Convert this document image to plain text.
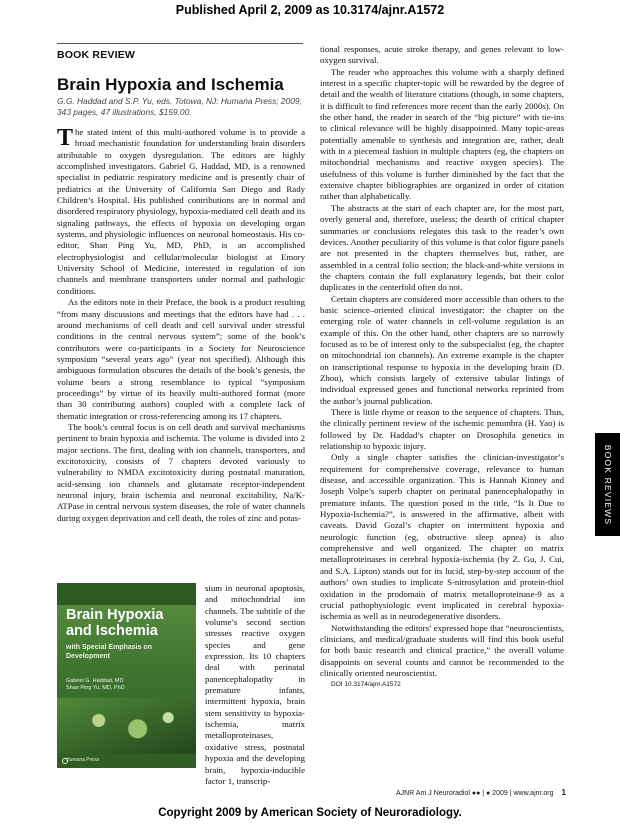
Published April 2, 2009 as 10.3174/ajnr.A1572
BOOK REVIEW
Brain Hypoxia and Ischemia
G.G. Haddad and S.P. Yu, eds. Totowa, NJ: Humana Press; 2009, 343 pages, 47 illustrations, $159.00.

The stated intent of this multi-authored volume is to provide a broad mechanistic foundation for understanding brain disorders attributable to oxygen dysregulation. The editors are highly accomplished investigators. Gabriel G. Haddad, MD, is a renowned specialist in pediatric respiratory medicine and is presently chair of pediatrics at the University of California San Diego and Rady Children’s Hospital. His published contributions are in normal and disordered respiratory physiology, hypoxia-mediated cell death and its signaling pathways, the effects of hypoxia on developing organ systems, and physiologic influences on neuronal homeostasis. His co-editor, Shan Ping Yu, MD, PhD, is an accomplished electrophysiologist and cellular/molecular biologist at Emory University School of Medicine, interested in regulation of ion channels and membrane transporters under normal and pathologic conditions.

As the editors note in their Preface, the book is a product resulting “from many discussions and meetings that the editors have had . . . around mechanisms of cell death and cell survival under stressful conditions in the central nervous system”; some of the book’s contributors were co-participants in a Society for Neuroscience symposium “several years ago” (year not specified). Although this ambiguous formulation obscures the details of the book’s genesis, the volume bears a strong resemblance to typical “symposium proceedings” by virtue of its heavily multi-authored format (more than 30 contributing authors) coupled with a complete lack of thematic integration or cross-referencing among its 17 chapters.

The book’s central focus is on cell death and survival mechanisms pertinent to brain hypoxia and ischemia. The volume is divided into 2 major sections. The first, dealing with ion channels, transporters, and excitotoxicity, consists of 7 chapters devoted variously to vulnerability to NMDA excitotoxicity during postnatal maturation, acid-sensing ion channels and glutamate receptor-independent neuronal injury, brain ischemia and neuronal excitability, Na/K-ATPase in central nervous system diseases, the role of water channels during oxygen deprivation and cell death, the roles of zinc and potas-

Brain Hypoxia
and Ischemia
with Special Emphasis on Development
Gabriel G. Haddad, MD
Shan Ping Yu, MD, PhD
Humana Press

sium in neuronal apoptosis, and mitochondrial ion channels. The subtitle of the volume’s second section stresses reactive oxygen species and gene expression. Its 10 chapters deal with perinatal panencephalopathy in premature infants, intermittent hypoxia, brain stem sensitivity to hypoxia-ischemia, matrix metalloproteinases, oxidative stress, postnatal hypoxia and the developing brain, hypoxia-inducible factor 1, transcrip-

tional responses, acute stroke therapy, and genes relevant to low-oxygen survival.

The reader who approaches this volume with a sharply defined interest in a specific chapter-topic will be rewarded by the degree of detail and the wealth of literature citations (though, in some chapters, it is difficult to find references more recent than the early 2000s). On the other hand, the reader in search of the “big picture” with tie-ins to clinical relevance will be highly disappointed. Many topic-areas potentially amenable to synthesis and integration are, rather, dealt with in a piecemeal fashion in multiple chapters (eg, the chapters on mitochondrial mechanisms and reactive oxygen species). The usefulness of this volume is further diminished by the fact that the extensive chapter bibliographies are organized in order of citation rather than alphabetically.

The abstracts at the start of each chapter are, for the most part, overly general and, therefore, useless; the dearth of critical chapter summaries or conclusions relegates this task to the reader’s own devices. Another peculiarity of this volume is that color figure panels are not presented in the chapters themselves but, rather, are assembled in a central folio section; the black-and-white versions in the chapters contain the full explanatory legends, but their color duplicates in the centerfold often do not.

Certain chapters are considered more accessible than others to the basic science–oriented clinical investigator: the chapter on the emerging role of water channels in cell-volume regulation is an example of this. On the other hand, other chapters are so narrowly focused as to be of interest only to the subspecialist (eg, the chapter on mitochondrial ion channels). An extreme example is the chapter on transcriptional response to hypoxia in the developing brain (D. Zhou), which consists largely of extensive tabular listings of individual expressed genes and functional networks reprinted from the author’s journal publication.

There is little rhyme or reason to the sequence of chapters. Thus, the clinically pertinent review of the ischemic penumbra (H. Yao) is followed by Dr. Haddad’s chapter on Drosophila genetics in relationship to hypoxic injury.

Only a single chapter satisfies the clinician-investigator’s requirement for comprehensive coverage, relevance to human disease, and accessible organization. This is Hannah Kinney and Joseph Volpe’s superb chapter on perinatal panencephalopathy in premature infants. The question posed in the title, “Is It Due to Hypoxia-Ischemia?”, is answered in the affirmative, albeit with caveats. David Gozal’s chapter on intermittent hypoxia and neurologic function (eg, obstructive sleep apnea) is also comprehensive and well organized. The chapter on matrix metalloproteinases in cerebral hypoxia-ischemia (by Z. Gu, J. Cui, and S.A. Lipton) stands out for its lucid, step-by-step account of the authors’ own studies to implicate S-nitrosylation and protein-thiol oxidation in the prodomain of matrix metalloproteinase-9 as a crucial pathophysiologic event implicated in cerebral hypoxia-ischemia as well as in neurodegenerative disorders.

Notwithstanding the editors’ expressed hope that “neuroscientists, clinicians, and medical/graduate students will find this book useful for both basic research and clinical practice,” the overall volume disappoints on several counts and cannot be recommended to the clinically oriented neuroscientist.

DOI 10.3174/ajnr.A1572

BOOK REVIEWS
AJNR Am J Neuroradiol ●● | ● 2009 | www.ajnr.org 1
Copyright 2009 by American Society of Neuroradiology.
